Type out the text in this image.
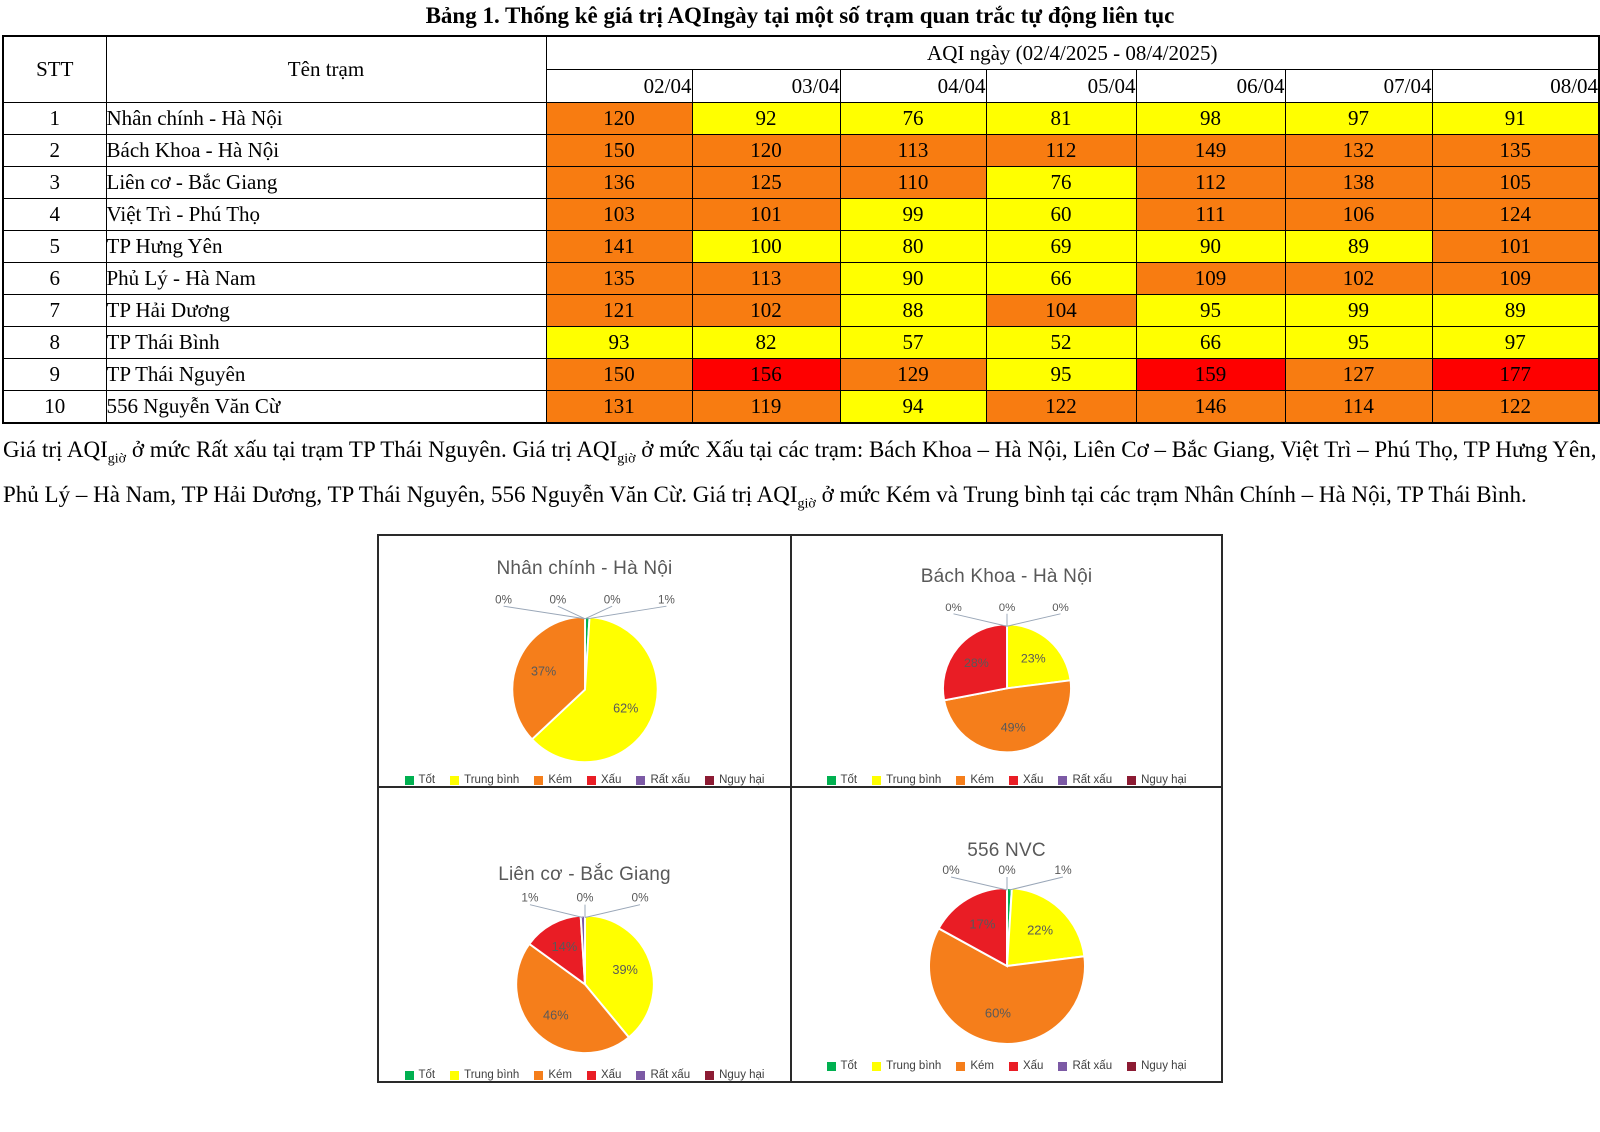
Bảng 1. Thống kê giá trị AQIngày tại một số trạm quan trắc tự động liên tục
STT	Tên trạm	AQI ngày (02/4/2025 - 08/4/2025)						
		02/04	03/04	04/04	05/04	06/04	07/04	08/04
1	Nhân chính - Hà Nội	120	92	76	81	98	97	91
2	Bách Khoa - Hà Nội	150	120	113	112	149	132	135
3	Liên cơ - Bắc Giang	136	125	110	76	112	138	105
4	Việt Trì - Phú Thọ	103	101	99	60	111	106	124
5	TP Hưng Yên	141	100	80	69	90	89	101
6	Phủ Lý - Hà Nam	135	113	90	66	109	102	109
7	TP Hải Dương	121	102	88	104	95	99	89
8	TP Thái Bình	93	82	57	52	66	95	97
9	TP Thái Nguyên	150	156	129	95	159	127	177
10	556 Nguyễn Văn Cừ	131	119	94	122	146	114	122
Giá trị $AQI_{giờ}$ ở mức Rất xấu tại trạm TP Thái Nguyên. Giá trị $AQI_{giờ}$ ở mức Xấu tại các trạm: Bách Khoa – Hà Nội, Liên Cơ – Bắc Giang, Việt Trì – Phú Thọ, TP Hưng Yên, Phủ Lý – Hà Nam, TP Hải Dương, TP Thái Nguyên, 556 Nguyễn Văn Cừ. Giá trị $AQI_{giờ}$ ở mức Kém và Trung bình tại các trạm Nhân Chính – Hà Nội, TP Thái Bình.
Nhân chính - Hà Nội
62%
37%
0%	0%	0%	1%
Tốt	Trung bình	Kém	Xấu	Rất xấu	Nguy hại
Bách Khoa - Hà Nội
23%
49%
28%
0%	0%	0%
Tốt	Trung bình	Kém	Xấu	Rất xấu	Nguy hại
Liên cơ - Bắc Giang
39%
46%
14%
1%	0%	0%
Tốt	Trung bình	Kém	Xấu	Rất xấu	Nguy hại
556 NVC
22%
60%
17%
0%	0%	1%
Tốt	Trung bình	Kém	Xấu	Rất xấu	Nguy hại
